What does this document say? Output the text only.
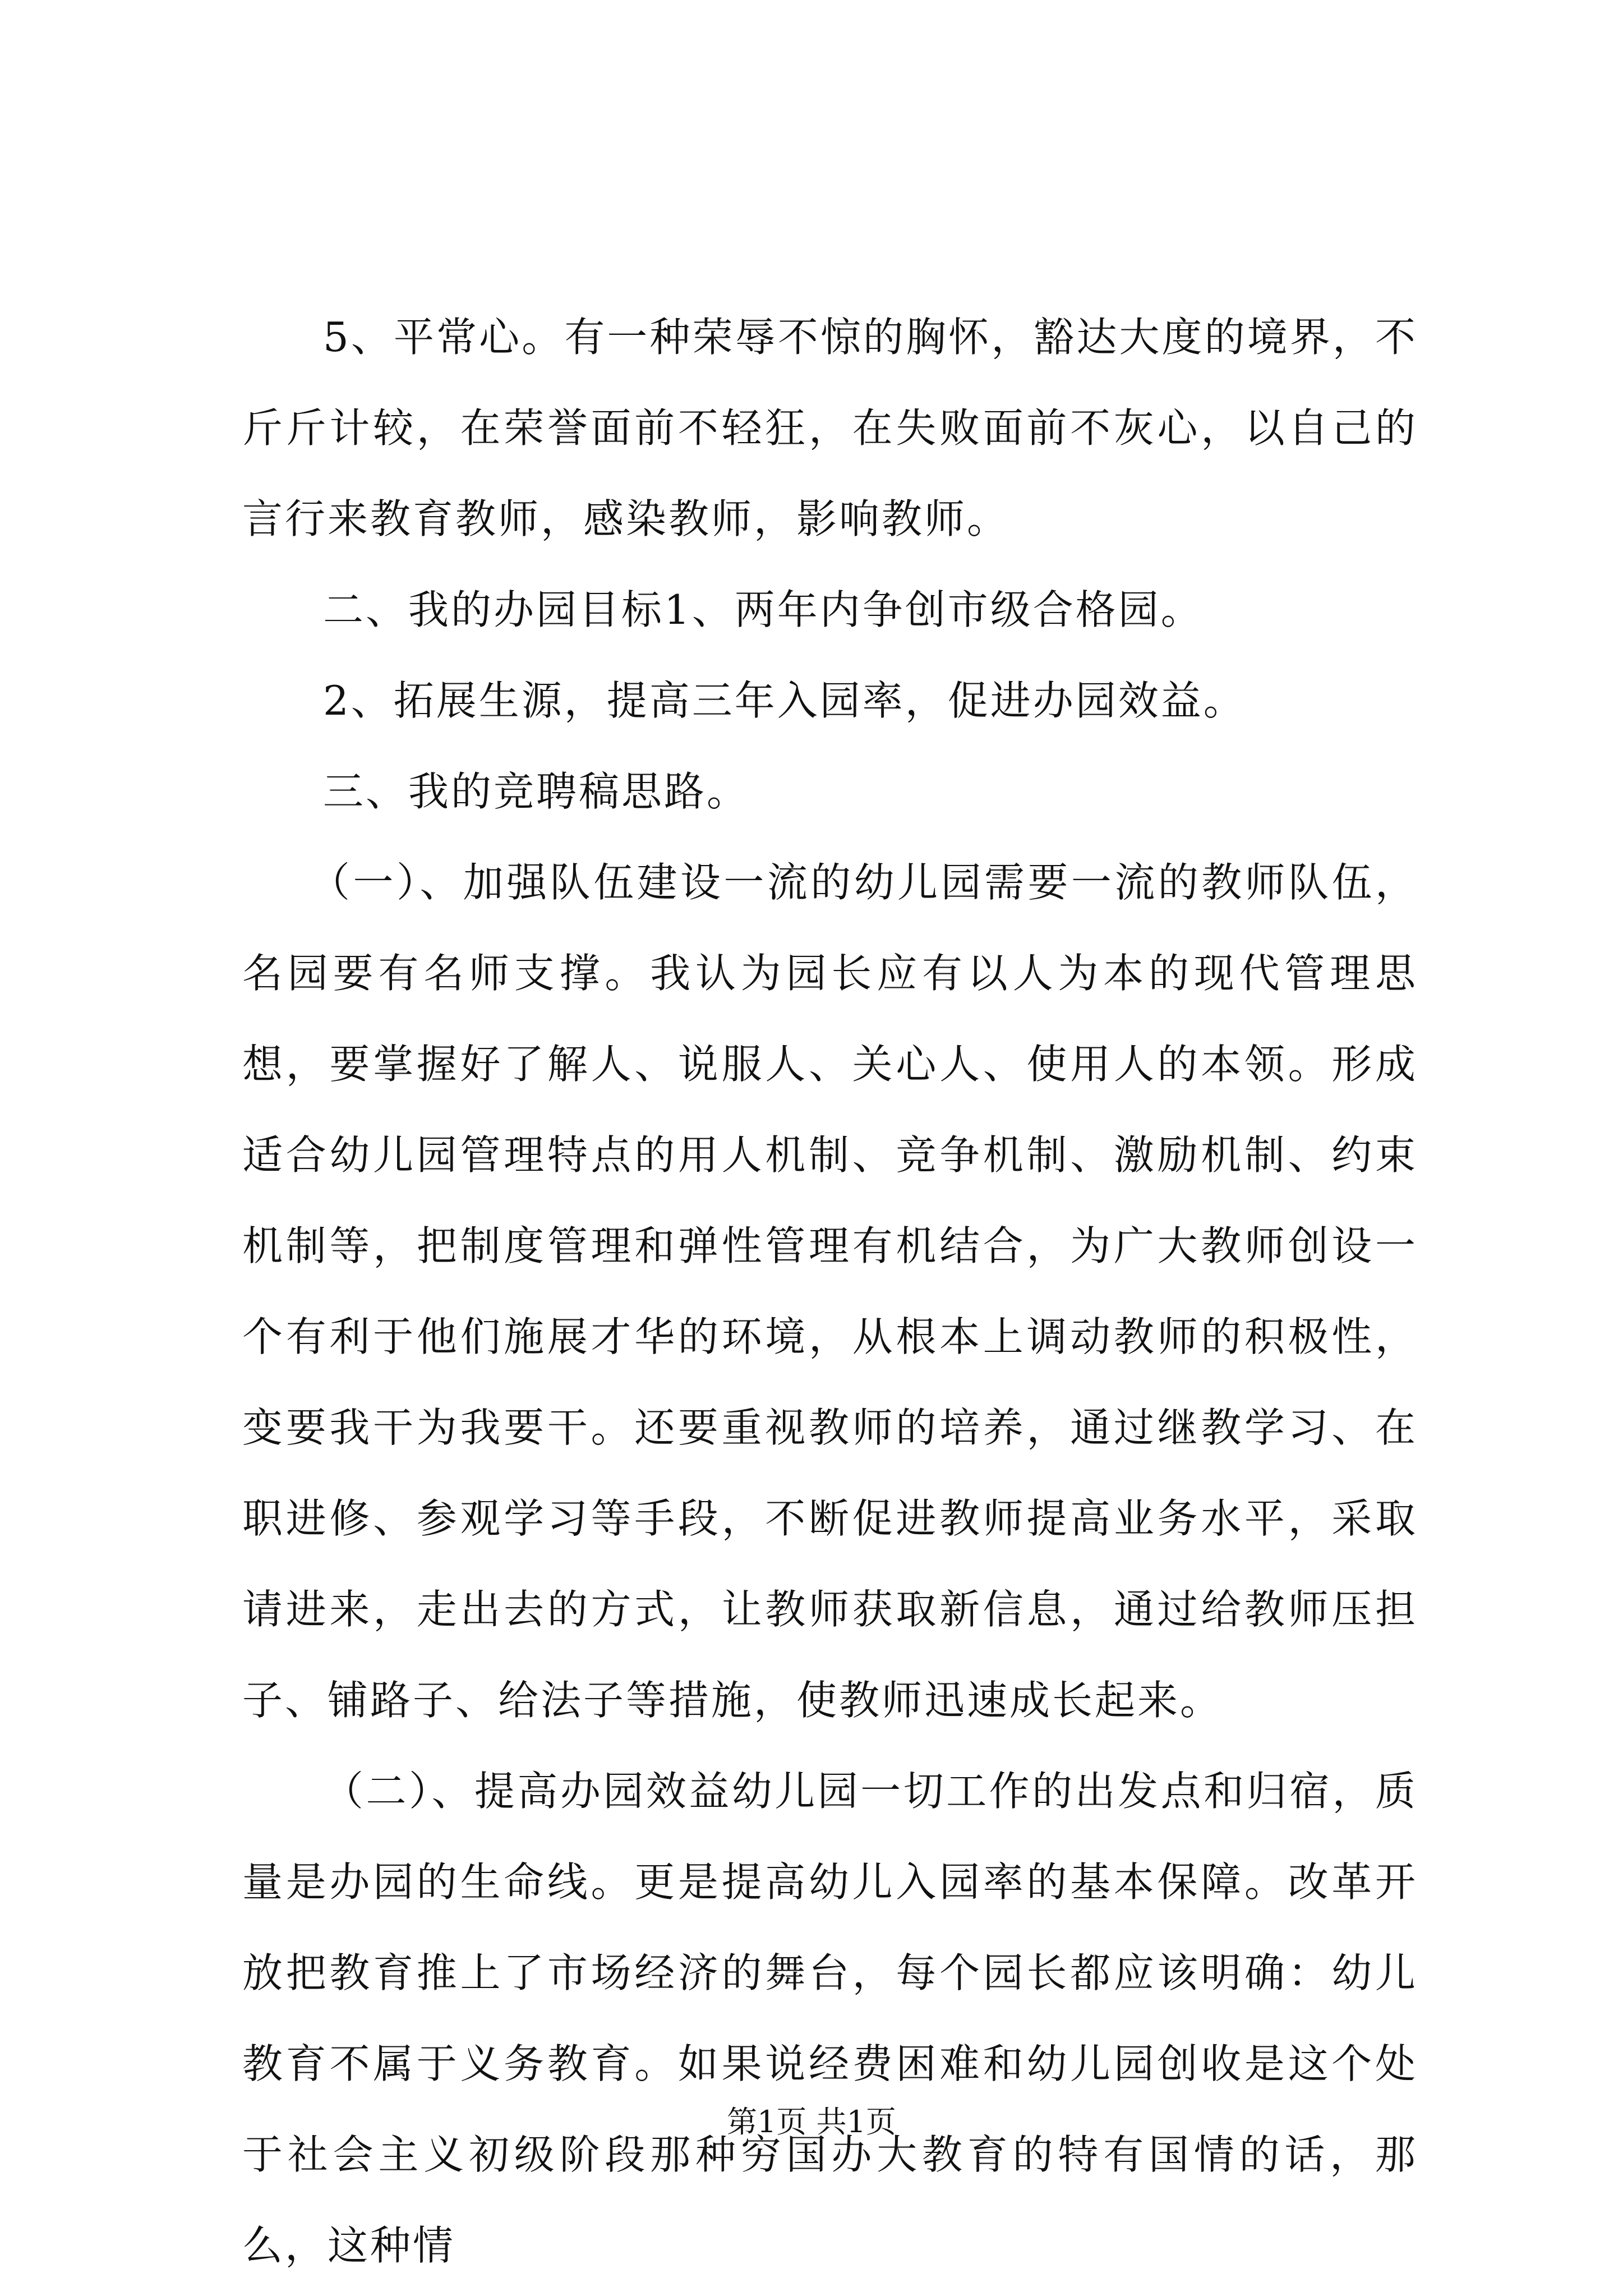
5、平常心。有一种荣辱不惊的胸怀，豁达大度的境界，不斤斤计较，在荣誉面前不轻狂，在失败面前不灰心，以自己的言行来教育教师，感染教师，影响教师。

二、我的办园目标1、两年内争创市级合格园。

2、拓展生源，提高三年入园率，促进办园效益。

三、我的竞聘稿思路。

（一）、加强队伍建设一流的幼儿园需要一流的教师队伍，名园要有名师支撑。我认为园长应有以人为本的现代管理思想，要掌握好了解人、说服人、关心人、使用人的本领。形成适合幼儿园管理特点的用人机制、竞争机制、激励机制、约束机制等，把制度管理和弹性管理有机结合，为广大教师创设一个有利于他们施展才华的环境，从根本上调动教师的积极性，变要我干为我要干。还要重视教师的培养，通过继教学习、在职进修、参观学习等手段，不断促进教师提高业务水平，采取请进来，走出去的方式，让教师获取新信息，通过给教师压担子、铺路子、给法子等措施，使教师迅速成长起来。

（二）、提高办园效益幼儿园一切工作的出发点和归宿，质量是办园的生命线。更是提高幼儿入园率的基本保障。改革开放把教育推上了市场经济的舞台，每个园长都应该明确：幼儿教育不属于义务教育。如果说经费困难和幼儿园创收是这个处于社会主义初级阶段那种穷国办大教育的特有国情的话，那么，这种情

第1页 共1页
